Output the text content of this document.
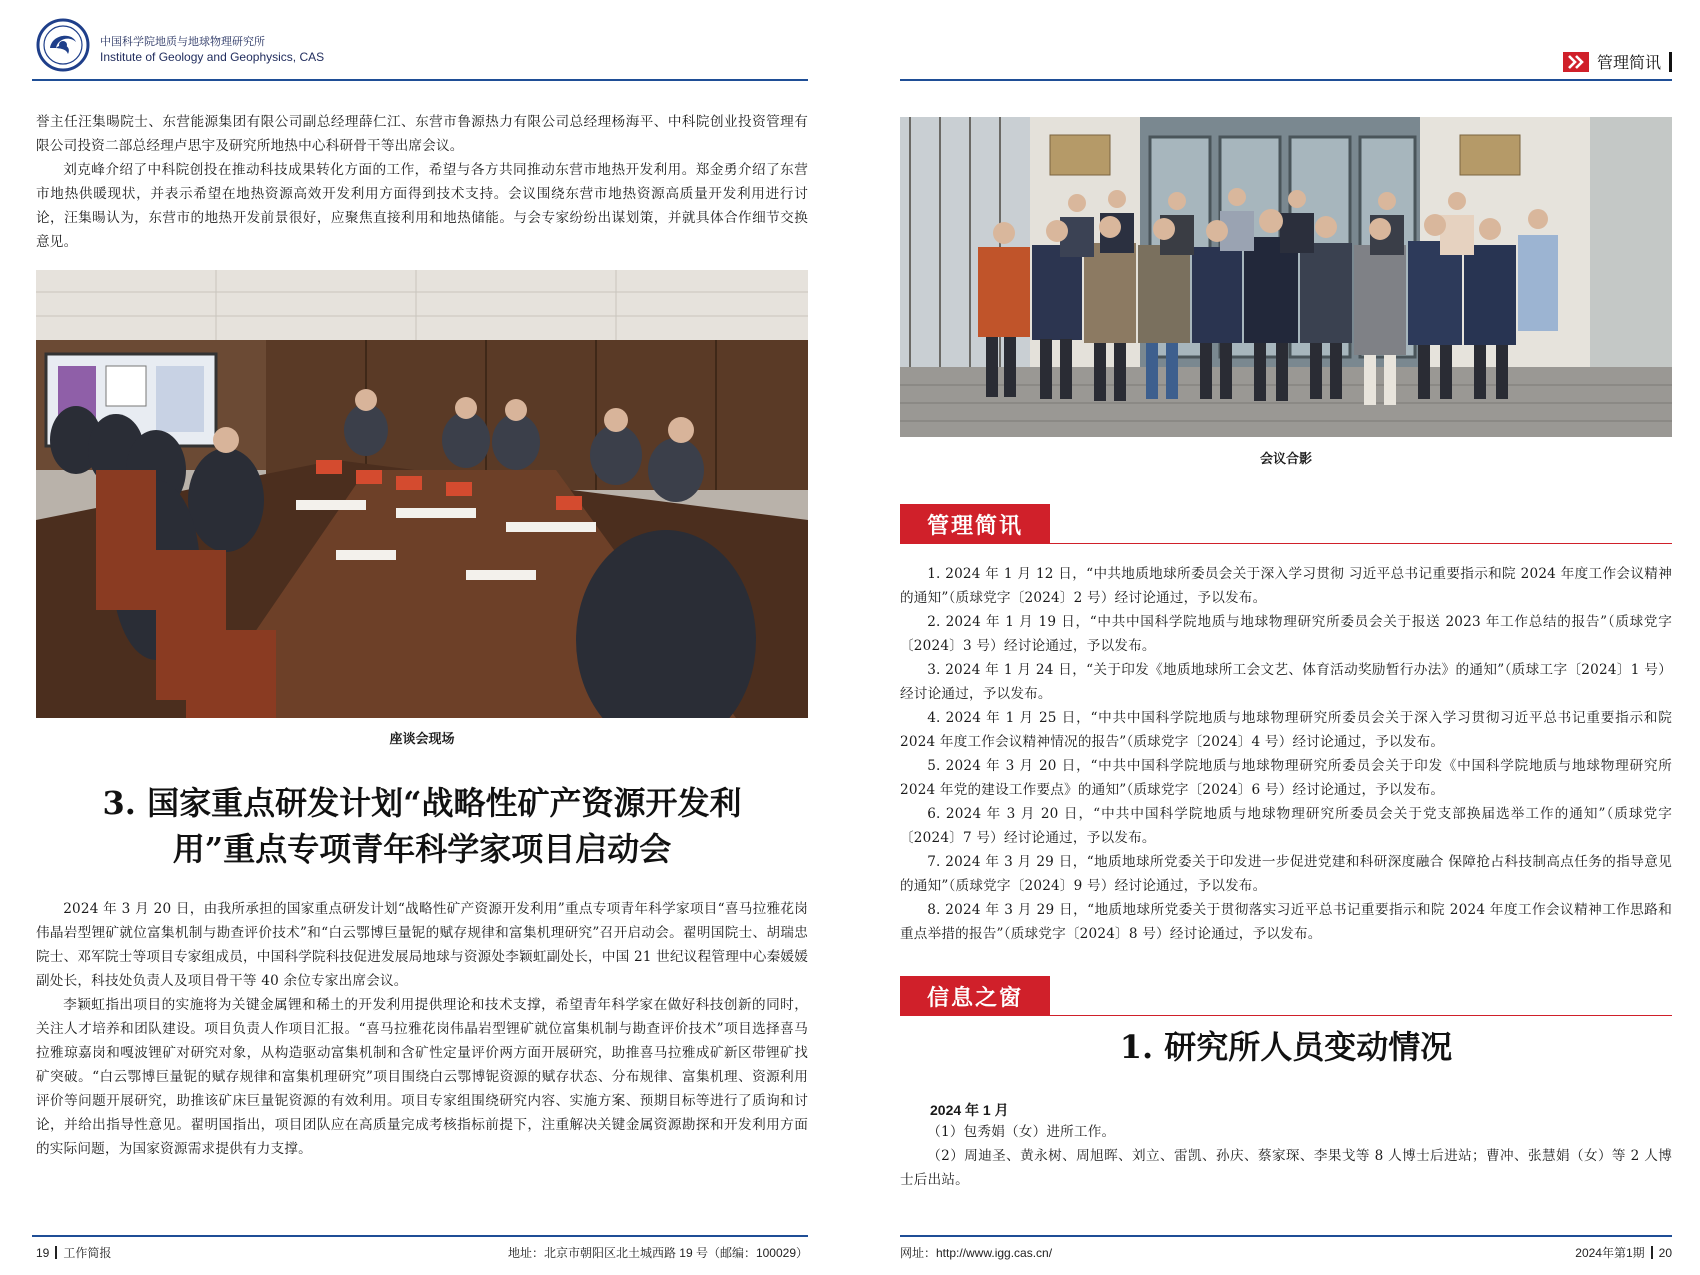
中国科学院地质与地球物理研究所
Institute of Geology and Geophysics, CAS

誉主任汪集暘院士、东营能源集团有限公司副总经理薛仁江、东营市鲁源热力有限公司总经理杨海平、中科院创业投资管理有限公司投资二部总经理卢思宇及研究所地热中心科研骨干等出席会议。

刘克峰介绍了中科院创投在推动科技成果转化方面的工作，希望与各方共同推动东营市地热开发利用。郑金勇介绍了东营市地热供暖现状，并表示希望在地热资源高效开发利用方面得到技术支持。会议围绕东营市地热资源高质量开发利用进行讨论，汪集暘认为，东营市的地热开发前景很好，应聚焦直接利用和地热储能。与会专家纷纷出谋划策，并就具体合作细节交换意见。

座谈会现场
3. 国家重点研发计划“战略性矿产资源开发利
用”重点专项青年科学家项目启动会

2024 年 3 月 20 日，由我所承担的国家重点研发计划“战略性矿产资源开发利用”重点专项青年科学家项目“喜马拉雅花岗伟晶岩型锂矿就位富集机制与勘查评价技术”和“白云鄂博巨量铌的赋存规律和富集机理研究”召开启动会。翟明国院士、胡瑞忠院士、邓军院士等项目专家组成员，中国科学院科技促进发展局地球与资源处李颖虹副处长，中国 21 世纪议程管理中心秦媛媛副处长，科技处负责人及项目骨干等 40 余位专家出席会议。

李颖虹指出项目的实施将为关键金属锂和稀土的开发利用提供理论和技术支撑，希望青年科学家在做好科技创新的同时，关注人才培养和团队建设。项目负责人作项目汇报。“喜马拉雅花岗伟晶岩型锂矿就位富集机制与勘查评价技术”项目选择喜马拉雅琼嘉岗和嘎波锂矿对研究对象，从构造驱动富集机制和含矿性定量评价两方面开展研究，助推喜马拉雅成矿新区带锂矿找矿突破。“白云鄂博巨量铌的赋存规律和富集机理研究”项目围绕白云鄂博铌资源的赋存状态、分布规律、富集机理、资源利用评价等问题开展研究，助推该矿床巨量铌资源的有效利用。项目专家组围绕研究内容、实施方案、预期目标等进行了质询和讨论，并给出指导性意见。翟明国指出，项目团队应在高质量完成考核指标前提下，注重解决关键金属资源勘探和开发利用方面的实际问题，为国家资源需求提供有力支撑。

19 工作简报	地址：北京市朝阳区北土城西路 19 号（邮编：100029）
管理简讯
会议合影
管理简讯

1. 2024 年 1 月 12 日，“中共地质地球所委员会关于深入学习贯彻 习近平总书记重要指示和院 2024 年度工作会议精神的通知”（质球党字〔2024〕2 号）经讨论通过，予以发布。

2. 2024 年 1 月 19 日，“中共中国科学院地质与地球物理研究所委员会关于报送 2023 年工作总结的报告”（质球党字〔2024〕3 号）经讨论通过，予以发布。

3. 2024 年 1 月 24 日，“关于印发《地质地球所工会文艺、体育活动奖励暂行办法》的通知”（质球工字〔2024〕1 号）经讨论通过，予以发布。

4. 2024 年 1 月 25 日，“中共中国科学院地质与地球物理研究所委员会关于深入学习贯彻习近平总书记重要指示和院 2024 年度工作会议精神情况的报告”（质球党字〔2024〕4 号）经讨论通过，予以发布。

5. 2024 年 3 月 20 日，“中共中国科学院地质与地球物理研究所委员会关于印发《中国科学院地质与地球物理研究所 2024 年党的建设工作要点》的通知”（质球党字〔2024〕6 号）经讨论通过，予以发布。

6. 2024 年 3 月 20 日，“中共中国科学院地质与地球物理研究所委员会关于党支部换届选举工作的通知”（质球党字〔2024〕7 号）经讨论通过，予以发布。

7. 2024 年 3 月 29 日，“地质地球所党委关于印发进一步促进党建和科研深度融合 保障抢占科技制高点任务的指导意见的通知”（质球党字〔2024〕9 号）经讨论通过，予以发布。

8. 2024 年 3 月 29 日，“地质地球所党委关于贯彻落实习近平总书记重要指示和院 2024 年度工作会议精神工作思路和重点举措的报告”（质球党字〔2024〕8 号）经讨论通过，予以发布。

信息之窗
1. 研究所人员变动情况
2024 年 1 月

（1）包秀娟（女）进所工作。

（2）周迪圣、黄永树、周旭晖、刘立、雷凯、孙庆、蔡家琛、李果戈等 8 人博士后进站；曹冲、张慧娟（女）等 2 人博士后出站。

网址：http://www.igg.cas.cn/	2024年第1期 20
